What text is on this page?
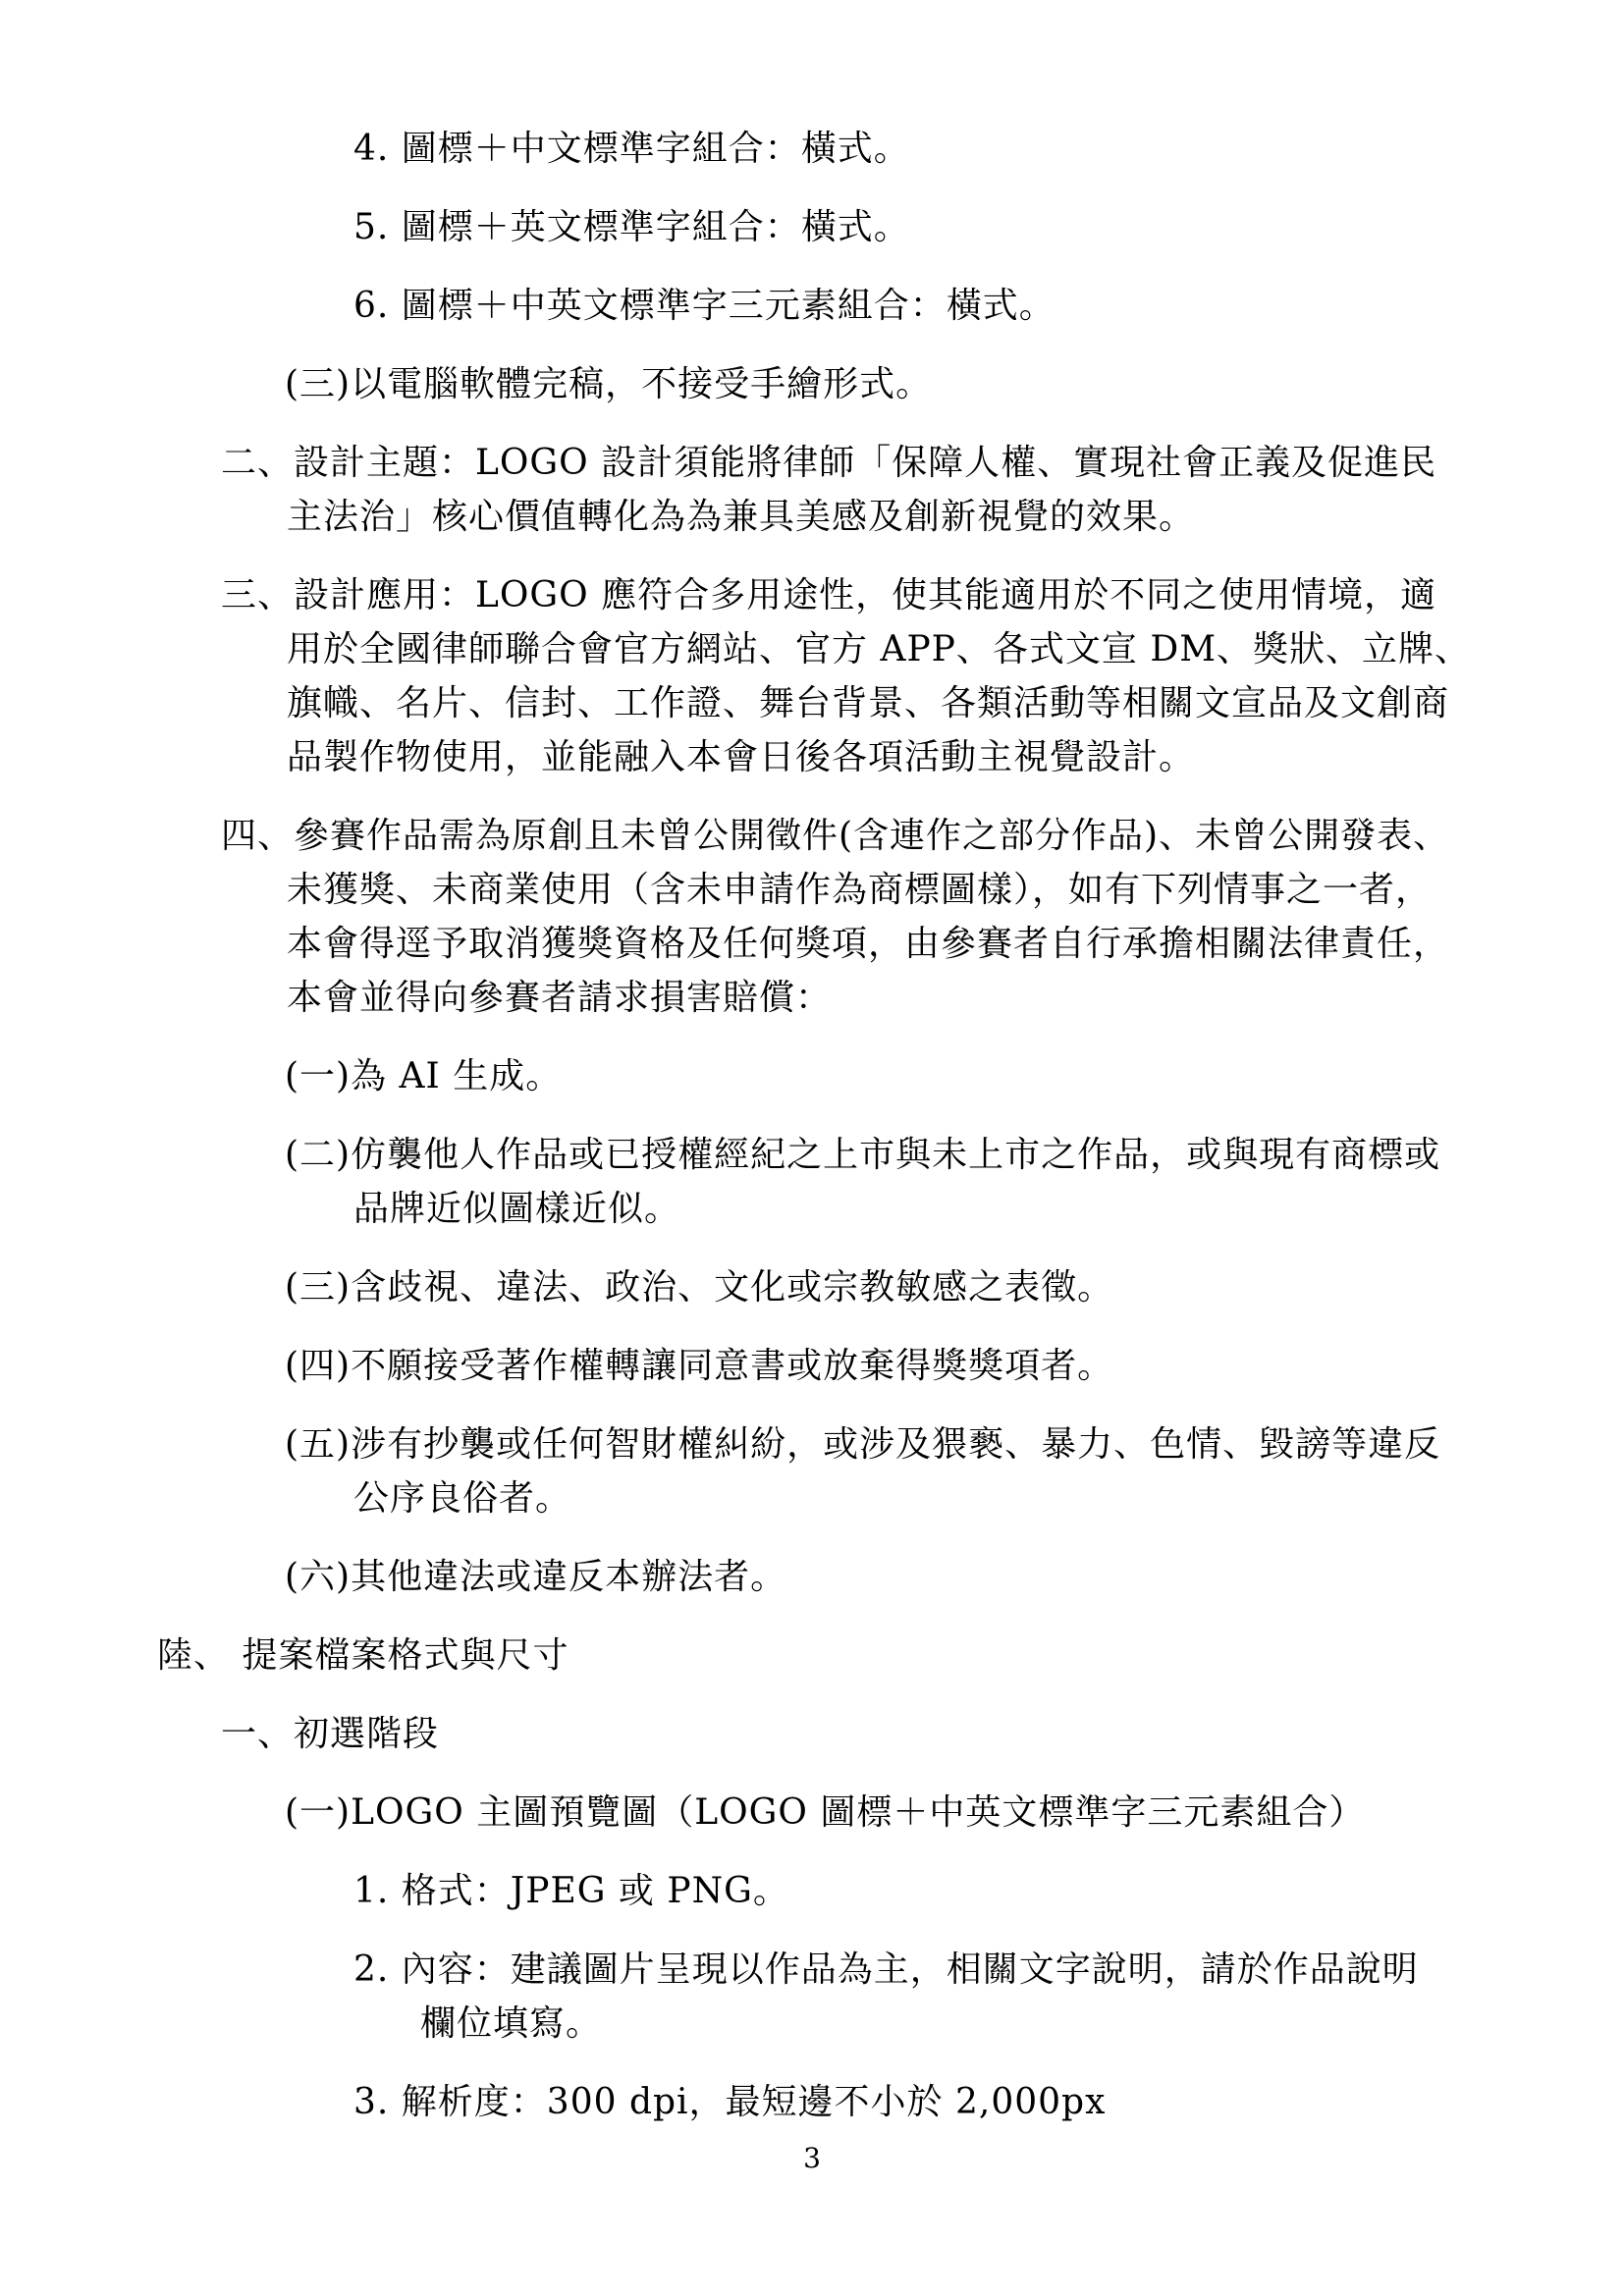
4. 圖標＋中文標準字組合：橫式。
5. 圖標＋英文標準字組合：橫式。
6. 圖標＋中英文標準字三元素組合：橫式。
(三)以電腦軟體完稿，不接受手繪形式。
二、設計主題：LOGO 設計須能將律師「保障人權、實現社會正義及促進民
主法治」核心價值轉化為為兼具美感及創新視覺的效果。
三、設計應用：LOGO 應符合多用途性，使其能適用於不同之使用情境，適
用於全國律師聯合會官方網站、官方 APP、各式文宣 DM、獎狀、立牌、
旗幟、名片、信封、工作證、舞台背景、各類活動等相關文宣品及文創商
品製作物使用，並能融入本會日後各項活動主視覺設計。
四、參賽作品需為原創且未曾公開徵件(含連作之部分作品)、未曾公開發表、
未獲獎、未商業使用（含未申請作為商標圖樣），如有下列情事之一者，
本會得逕予取消獲獎資格及任何獎項，由參賽者自行承擔相關法律責任，
本會並得向參賽者請求損害賠償：
(一)為 AI 生成。
(二)仿襲他人作品或已授權經紀之上市與未上市之作品，或與現有商標或
品牌近似圖樣近似。
(三)含歧視、違法、政治、文化或宗教敏感之表徵。
(四)不願接受著作權轉讓同意書或放棄得獎獎項者。
(五)涉有抄襲或任何智財權糾紛，或涉及猥褻、暴力、色情、毀謗等違反
公序良俗者。
(六)其他違法或違反本辦法者。
陸、 提案檔案格式與尺寸
一、初選階段
(一)LOGO 主圖預覽圖（LOGO 圖標＋中英文標準字三元素組合）
1. 格式：JPEG 或 PNG。
2. 內容：建議圖片呈現以作品為主，相關文字說明，請於作品說明
欄位填寫。
3. 解析度：300 dpi，最短邊不小於 2,000px
3
